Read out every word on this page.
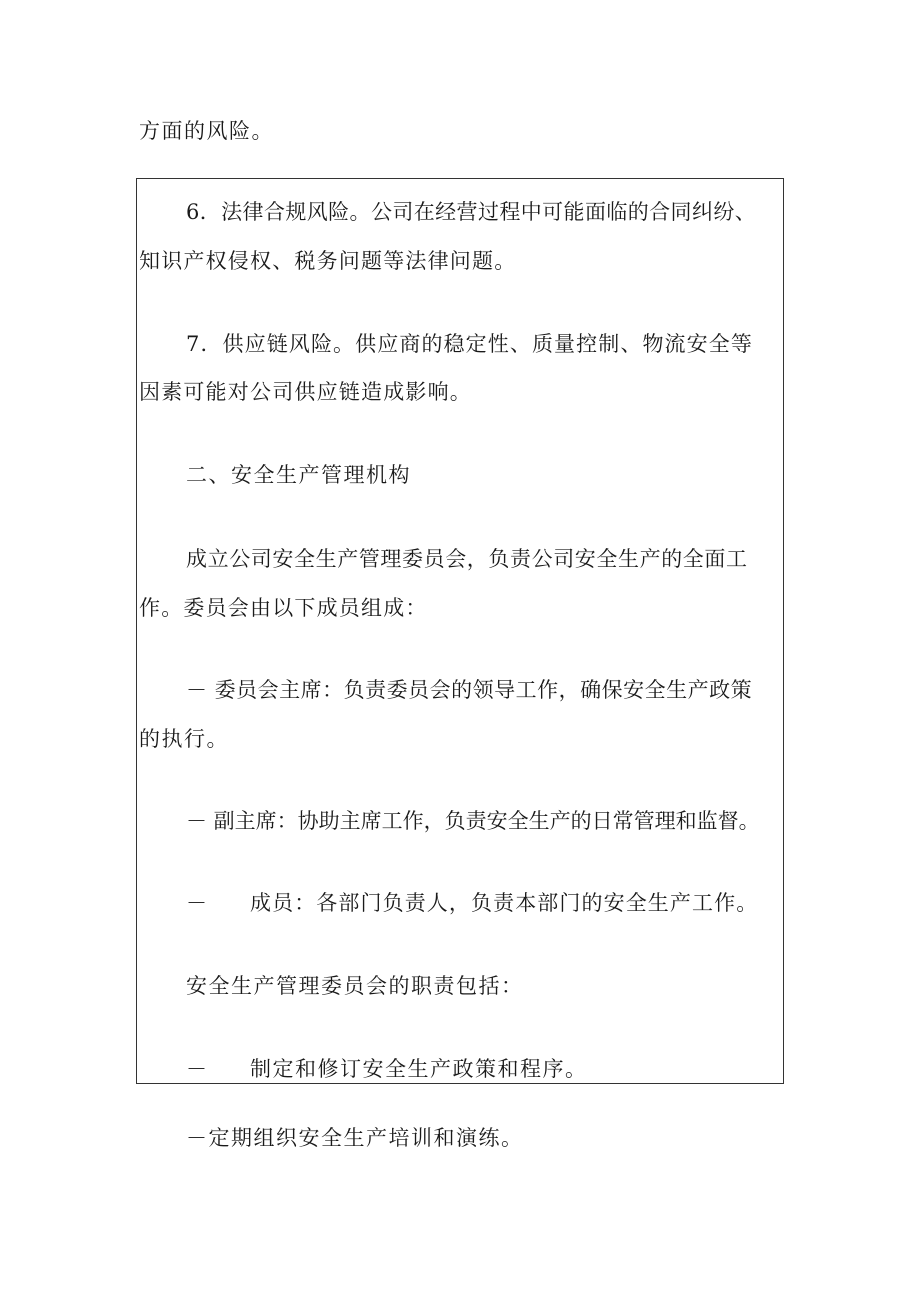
方面的风险。
6．法律合规风险。公司在经营过程中可能面临的合同纠纷、
知识产权侵权、税务问题等法律问题。
7．供应链风险。供应商的稳定性、质量控制、物流安全等
因素可能对公司供应链造成影响。
二、安全生产管理机构
成立公司安全生产管理委员会，负责公司安全生产的全面工
作。委员会由以下成员组成：
－ 委员会主席：负责委员会的领导工作，确保安全生产政策
的执行。
－ 副主席：协助主席工作，负责安全生产的日常管理和监督。
－ 成员：各部门负责人，负责本部门的安全生产工作。
安全生产管理委员会的职责包括：
－ 制定和修订安全生产政策和程序。
－定期组织安全生产培训和演练。
